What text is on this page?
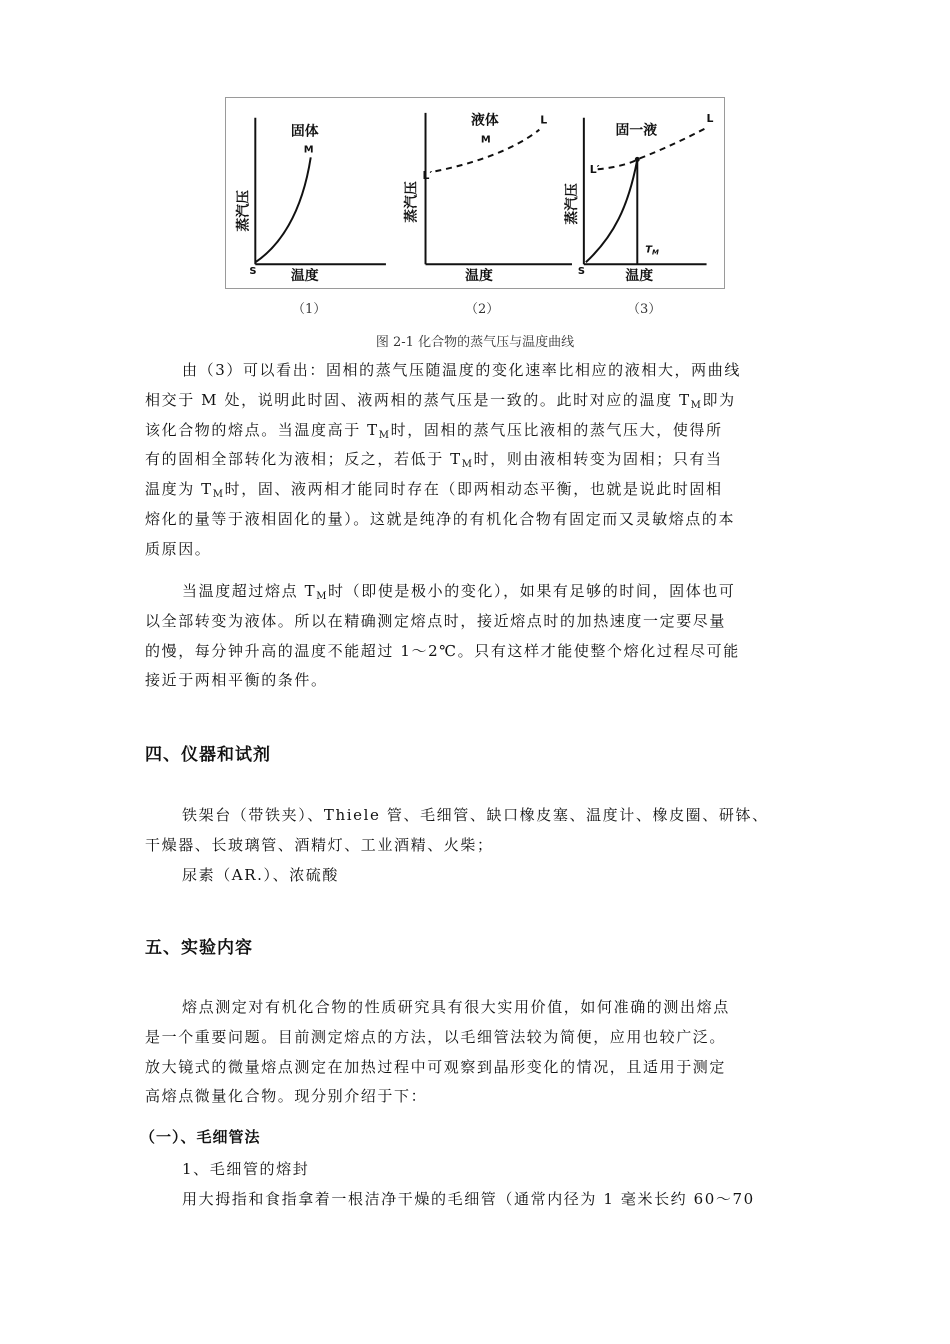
固体
M
S 温度
蒸汽压
液体
M
L
L′
温度
蒸汽压
固一液
L
L′
S
$T_M$
温度
蒸汽压
（1）	（2）	（3）
图 2-1 化合物的蒸气压与温度曲线
由（3）可以看出：固相的蒸气压随温度的变化速率比相应的液相大，两曲线
相交于 M 处，说明此时固、液两相的蒸气压是一致的。此时对应的温度 $T_M$即为
该化合物的熔点。当温度高于 $T_M$时，固相的蒸气压比液相的蒸气压大，使得所
有的固相全部转化为液相；反之，若低于 $T_M$时，则由液相转变为固相；只有当
温度为 $T_M$时，固、液两相才能同时存在（即两相动态平衡，也就是说此时固相
熔化的量等于液相固化的量）。这就是纯净的有机化合物有固定而又灵敏熔点的本
质原因。
当温度超过熔点 $T_M$时（即使是极小的变化），如果有足够的时间，固体也可
以全部转变为液体。所以在精确测定熔点时，接近熔点时的加热速度一定要尽量
的慢，每分钟升高的温度不能超过 1～2℃。只有这样才能使整个熔化过程尽可能
接近于两相平衡的条件。
四、仪器和试剂
铁架台（带铁夹）、Thiele 管、毛细管、缺口橡皮塞、温度计、橡皮圈、研钵、
干燥器、长玻璃管、酒精灯、工业酒精、火柴；
尿素（AR.）、浓硫酸
五、实验内容
熔点测定对有机化合物的性质研究具有很大实用价值，如何准确的测出熔点
是一个重要问题。目前测定熔点的方法，以毛细管法较为简便，应用也较广泛。
放大镜式的微量熔点测定在加热过程中可观察到晶形变化的情况，且适用于测定
高熔点微量化合物。现分别介绍于下：
（一）、毛细管法
1、毛细管的熔封
用大拇指和食指拿着一根洁净干燥的毛细管（通常内径为 1 毫米长约 60～70
